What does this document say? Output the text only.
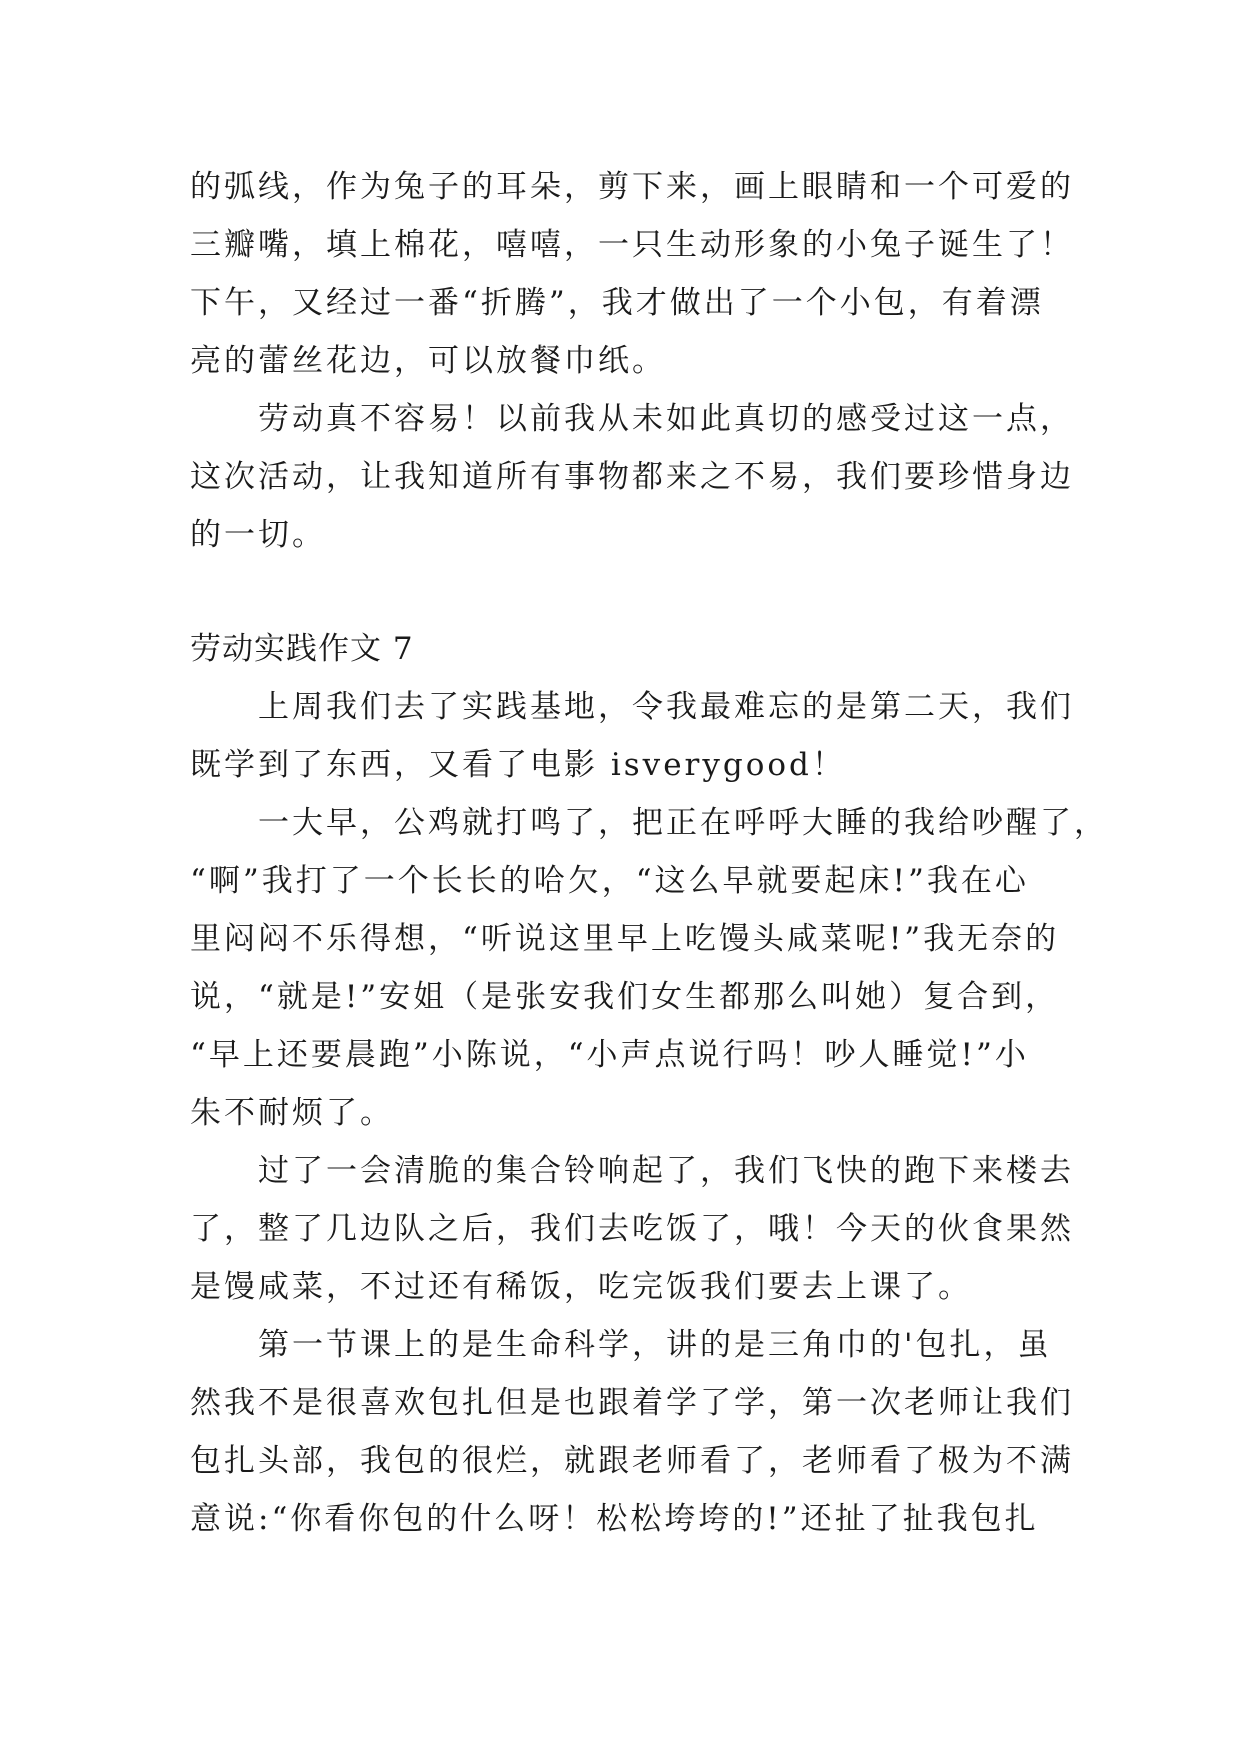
的弧线，作为兔子的耳朵，剪下来，画上眼睛和一个可爱的
三瓣嘴，填上棉花，嘻嘻，一只生动形象的小兔子诞生了！
下午，又经过一番“折腾”，我才做出了一个小包，有着漂
亮的蕾丝花边，可以放餐巾纸。
劳动真不容易！以前我从未如此真切的感受过这一点，
这次活动，让我知道所有事物都来之不易，我们要珍惜身边
的一切。
劳动实践作文 7
上周我们去了实践基地，令我最难忘的是第二天，我们
既学到了东西，又看了电影 isverygood！
一大早，公鸡就打鸣了，把正在呼呼大睡的我给吵醒了，
“啊”我打了一个长长的哈欠，“这么早就要起床!”我在心
里闷闷不乐得想，“听说这里早上吃馒头咸菜呢!”我无奈的
说，“就是!”安姐（是张安我们女生都那么叫她）复合到，
“早上还要晨跑”小陈说，“小声点说行吗！吵人睡觉!”小
朱不耐烦了。
过了一会清脆的集合铃响起了，我们飞快的跑下来楼去
了，整了几边队之后，我们去吃饭了，哦！今天的伙食果然
是馒咸菜，不过还有稀饭，吃完饭我们要去上课了。
第一节课上的是生命科学，讲的是三角巾的'包扎，虽
然我不是很喜欢包扎但是也跟着学了学，第一次老师让我们
包扎头部，我包的很烂，就跟老师看了，老师看了极为不满
意说:“你看你包的什么呀！松松垮垮的!”还扯了扯我包扎
